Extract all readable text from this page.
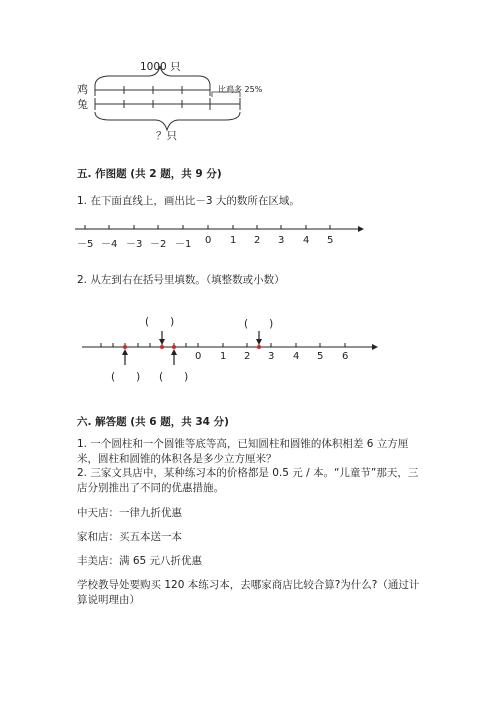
1000 只
鸡
兔
比鸡多 25%
？只
五. 作图题 (共 2 题，共 9 分)
1. 在下面直线上，画出比－3 大的数所在区域。
－5 －4 －3 －2 －1 0 1 2 3 4 5
2. 从左到右在括号里填数。（填整数或小数）
(　　)	(　　)
(　　) (　　)
0 1 2 3 4 5 6
六. 解答题 (共 6 题，共 34 分)
1. 一个圆柱和一个圆锥等底等高，已知圆柱和圆锥的体积相差 6 立方厘米，圆柱和圆锥的体积各是多少立方厘米？
2. 三家文具店中，某种练习本的价格都是 0.5 元 / 本。“儿童节”那天，三店分别推出了不同的优惠措施。
中天店：一律九折优惠
家和店：买五本送一本
丰美店：满 65 元八折优惠
学校教导处要购买 120 本练习本，去哪家商店比较合算?为什么?（通过计算说明理由）
